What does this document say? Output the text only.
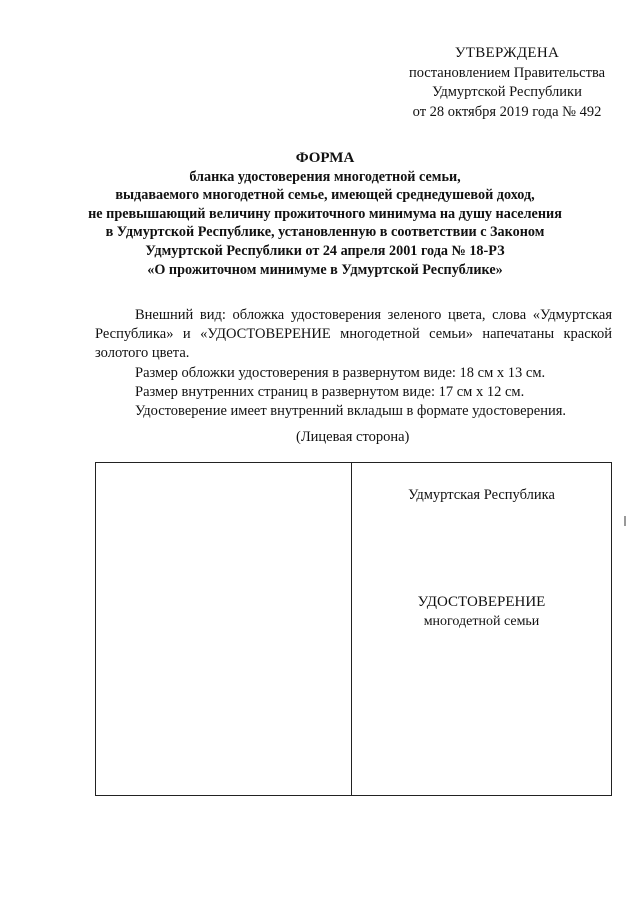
УТВЕРЖДЕНА
постановлением Правительства
Удмуртской Республики
от 28 октября 2019 года № 492
ФОРМА
бланка удостоверения многодетной семьи,
выдаваемого многодетной семье, имеющей среднедушевой доход,
не превышающий величину прожиточного минимума на душу населения
в Удмуртской Республике, установленную в соответствии с Законом
Удмуртской Республики от 24 апреля 2001 года № 18-РЗ
«О прожиточном минимуме в Удмуртской Республике»

Внешний вид: обложка удостоверения зеленого цвета, слова «Удмуртская Республика» и «УДОСТОВЕРЕНИЕ многодетной семьи» напечатаны краской золотого цвета.

Размер обложки удостоверения в развернутом виде: 18 см х 13 см.

Размер внутренних страниц в развернутом виде: 17 см х 12 см.

Удостоверение имеет внутренний вкладыш в формате удостоверения.

(Лицевая сторона)
Удмуртская Республика
УДОСТОВЕРЕНИЕ
многодетной семьи
